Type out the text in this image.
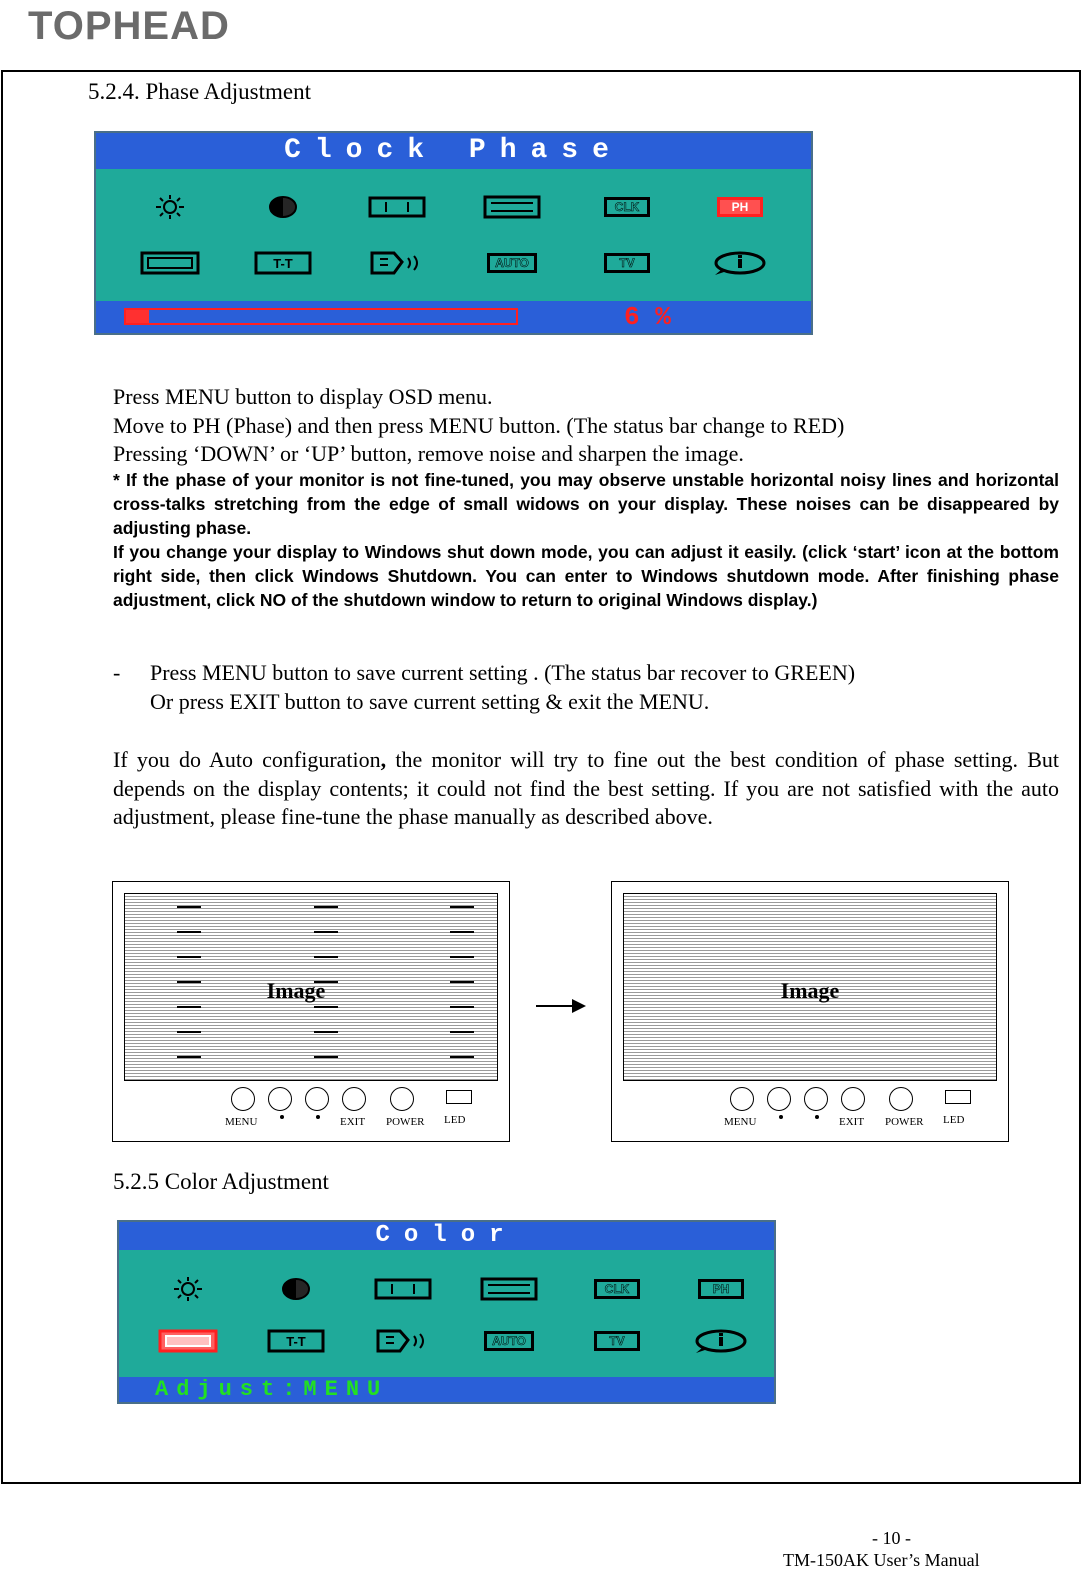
TOPHEAD
5.2.4. Phase Adjustment
Clock Phase
6 %
CLK	PH
T-T	AUTO	TV
Press MENU button to display OSD menu.
Move to PH (Phase) and then press MENU button. (The status bar change to RED)
Pressing ‘DOWN’ or ‘UP’ button, remove noise and sharpen the image.
* If the phase of your monitor is not fine-tuned, you may observe unstable horizontal noisy lines and horizontal cross-talks stretching from the edge of small widows on your display. These noises can be disappeared by adjusting phase.
If you change your display to Windows shut down mode, you can adjust it easily. (click ‘start’ icon at the bottom right side, then click Windows Shutdown. You can enter to Windows shutdown mode. After finishing phase adjustment, click NO of the shutdown window to return to original Windows display.)
-	Press MENU button to save current setting . (The status bar recover to GREEN)
Or press EXIT button to save current setting & exit the MENU.
If you do Auto configuration, the monitor will try to fine out the best condition of phase setting. But depends on the display contents; it could not find the best setting. If you are not satisfied with the auto adjustment, please fine-tune the phase manually as described above.
Image
MENU	EXIT POWER LED
Image
MENU	EXIT POWER LED
5.2.5 Color Adjustment
Color
Adjust:MENU
CLK	PH
T-T	AUTO	TV
- 10 -
TM-150AK User’s Manual
